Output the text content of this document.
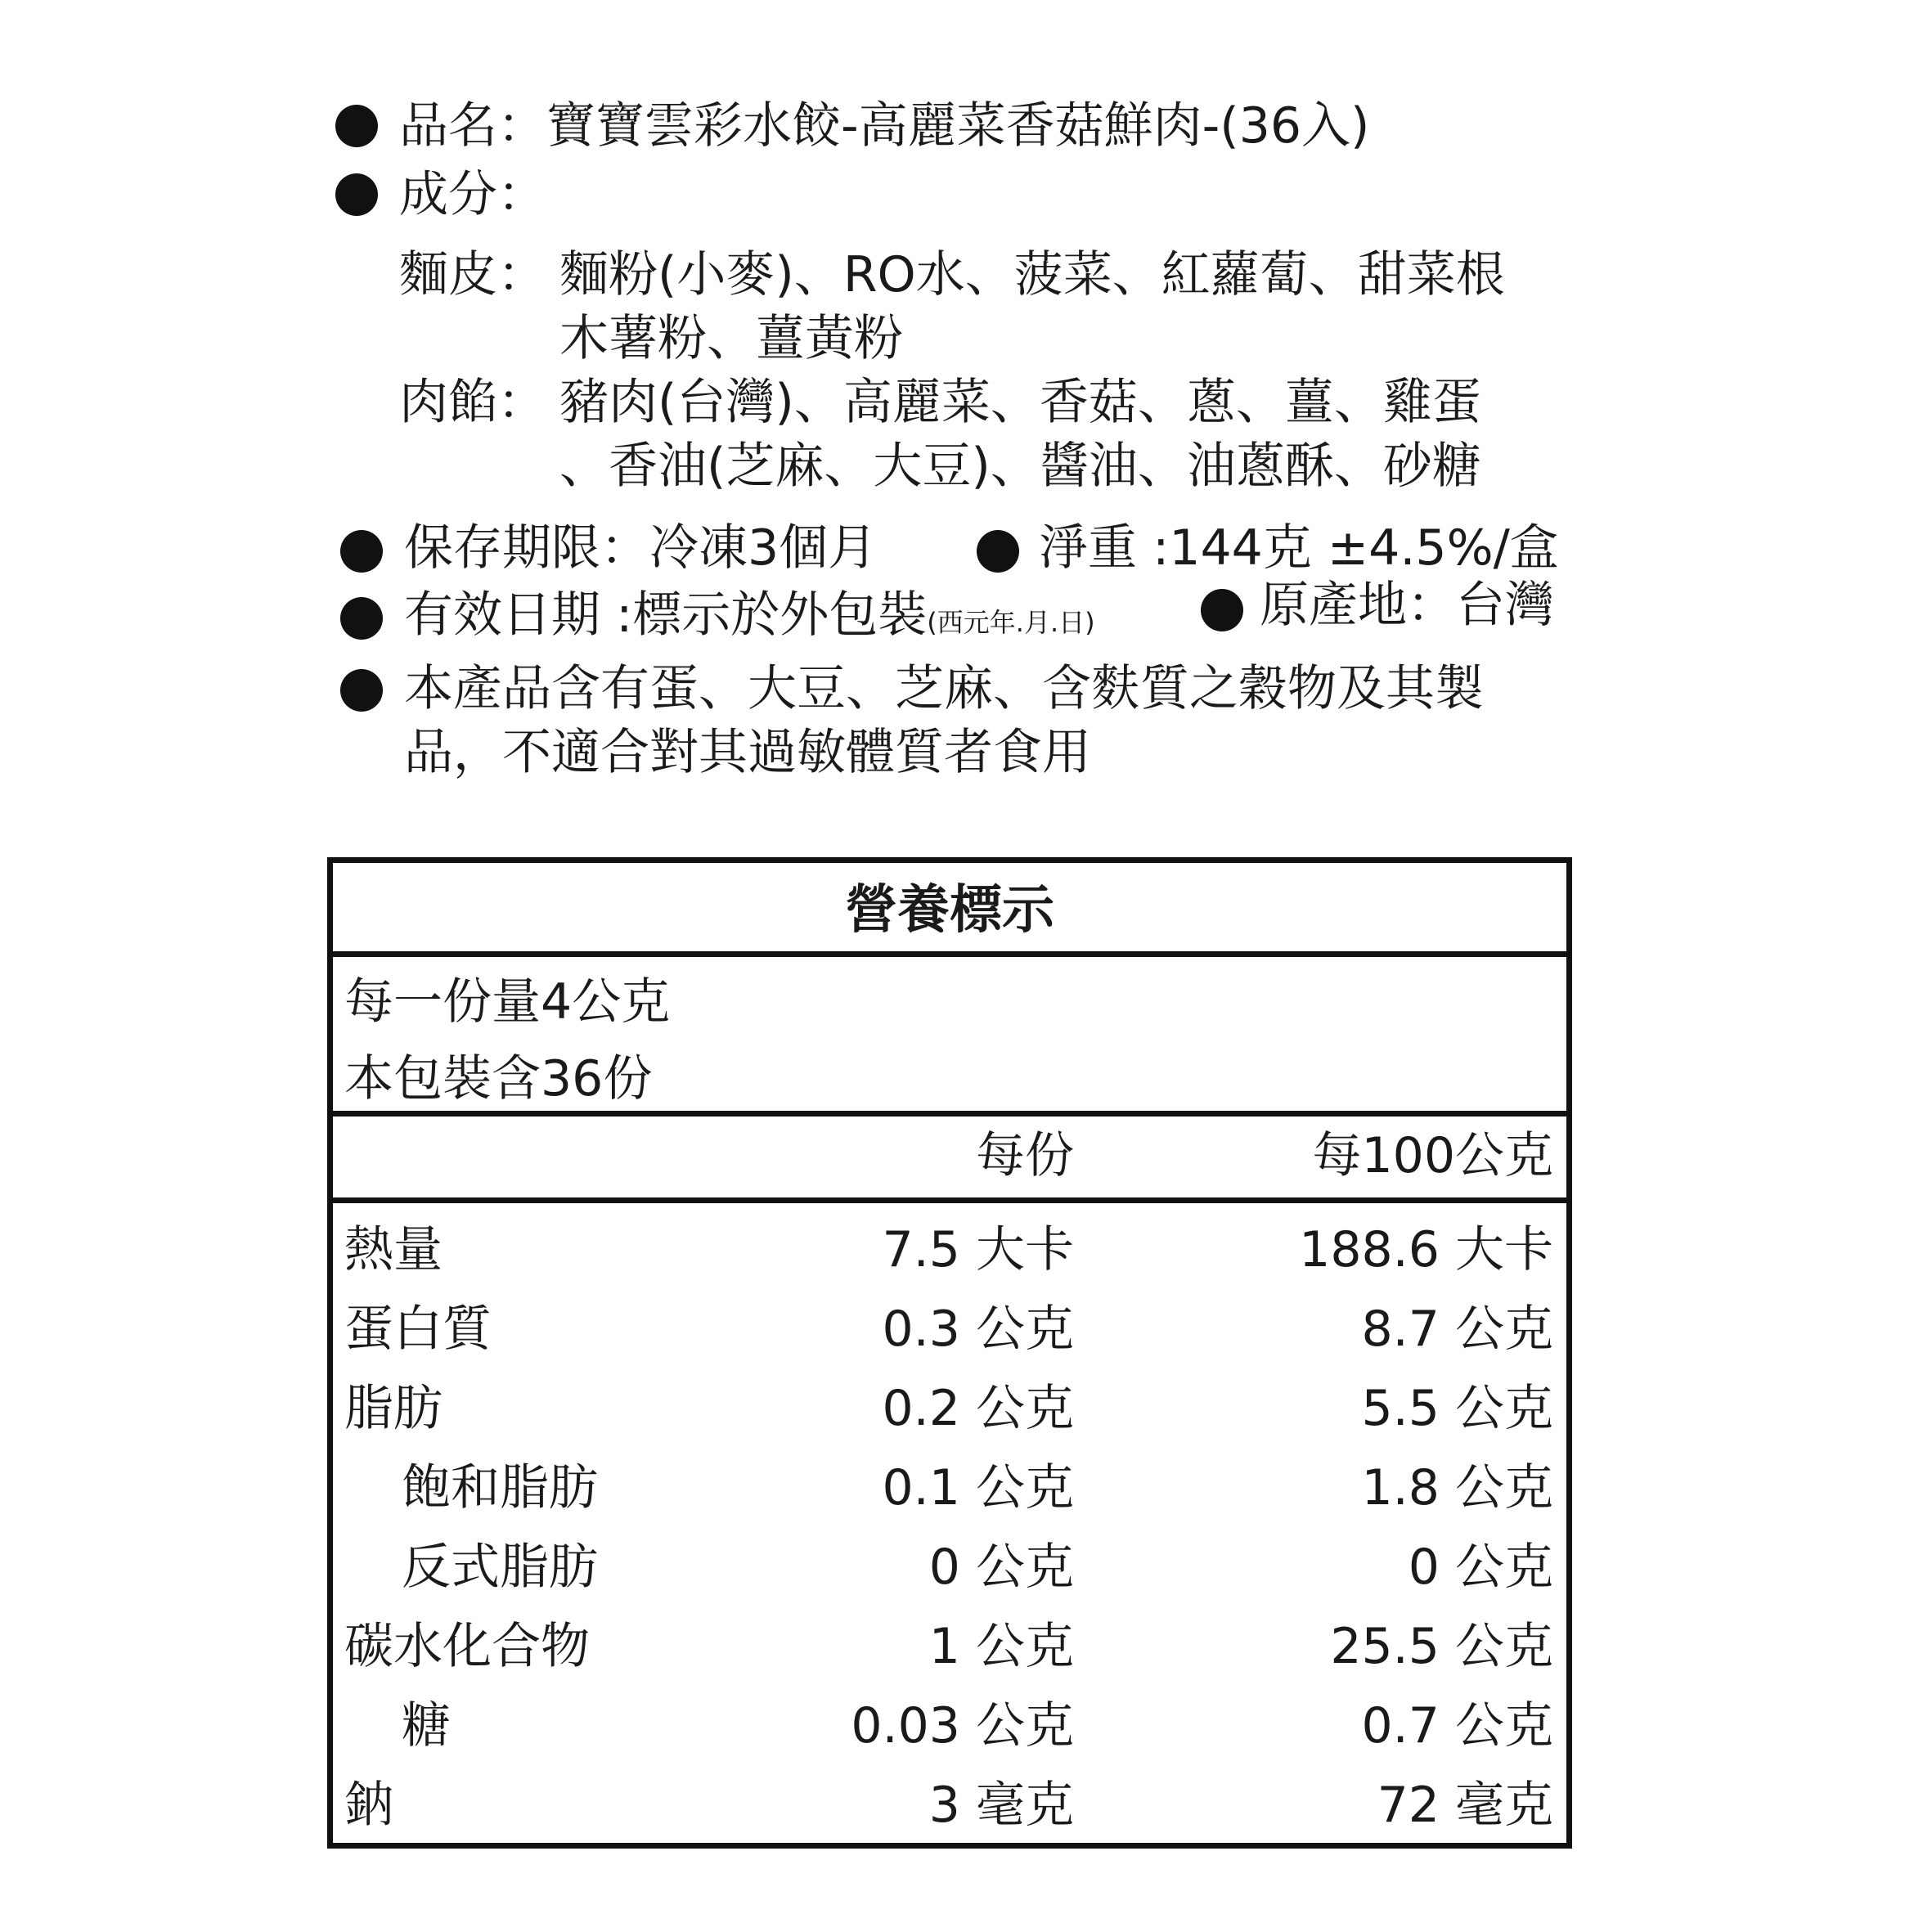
品名：寶寶雲彩水餃-高麗菜香菇鮮肉-(36入)
成分：
麵皮： 麵粉(小麥)、RO水、菠菜、紅蘿蔔、甜菜根
木薯粉、薑黃粉
肉餡： 豬肉(台灣)、高麗菜、香菇、蔥、薑、雞蛋
、香油(芝麻、大豆)、醬油、油蔥酥、砂糖
保存期限：冷凍3個月	淨重 :144克 ±4.5%/盒
有效日期 :標示於外包裝(西元年.月.日)	原產地：台灣
本產品含有蛋、大豆、芝麻、含麩質之穀物及其製
品，不適合對其過敏體質者食用
營養標示
每一份量4公克
本包裝含36份
每份	每100公克
熱量	7.5 大卡	188.6 大卡
蛋白質	0.3 公克	8.7 公克
脂肪	0.2 公克	5.5 公克
飽和脂肪	0.1 公克	1.8 公克
反式脂肪	0 公克	0 公克
碳水化合物	1 公克	25.5 公克
糖	0.03 公克	0.7 公克
鈉	3 毫克	72 毫克
